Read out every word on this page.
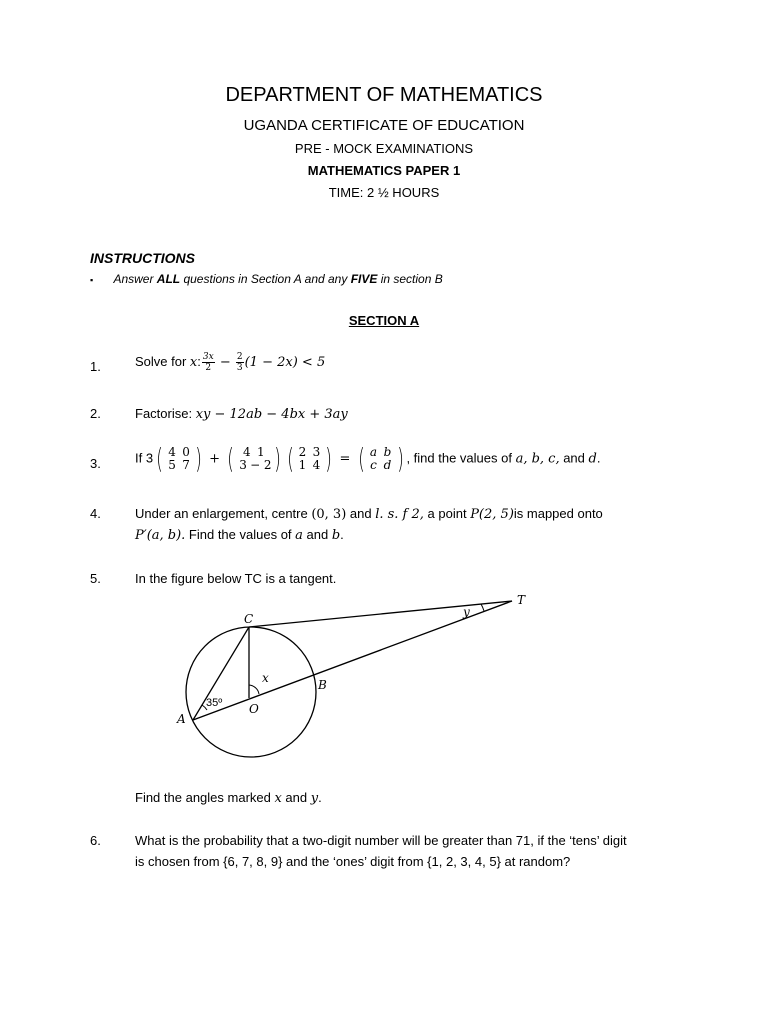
DEPARTMENT OF MATHEMATICS
UGANDA CERTIFICATE OF EDUCATION
PRE - MOCK EXAMINATIONS
MATHEMATICS PAPER 1
TIME: 2 ½ HOURS
INSTRUCTIONS
▪ Answer ALL questions in Section A and any FIVE in section B
SECTION A
1.	Solve for x: $\frac{3x}{2} - \frac{2}{3} (1 - 2x) < 5$
2.	Factorise: xy − 12ab − 4bx + 3ay
3.	If 3 ( 4 0
5 7 ) + ( 4 1
3 − 2) ( 2 3
1 4 ) = ( a b
c d ) , find the values of a, b, c, and d.
4.	Under an enlargement, centre (0, 3) and l. s. f 2, a point P(2, 5)is mapped onto
P′(a, b). Find the values of a and b.
5.	In the figure below TC is a tangent.
C
T
B
A
O
x
y
35º
Find the angles marked x and y.
6.	What is the probability that a two-digit number will be greater than 71, if the ‘tens’ digit
is chosen from {6, 7, 8, 9} and the ‘ones’ digit from {1, 2, 3, 4, 5} at random?
